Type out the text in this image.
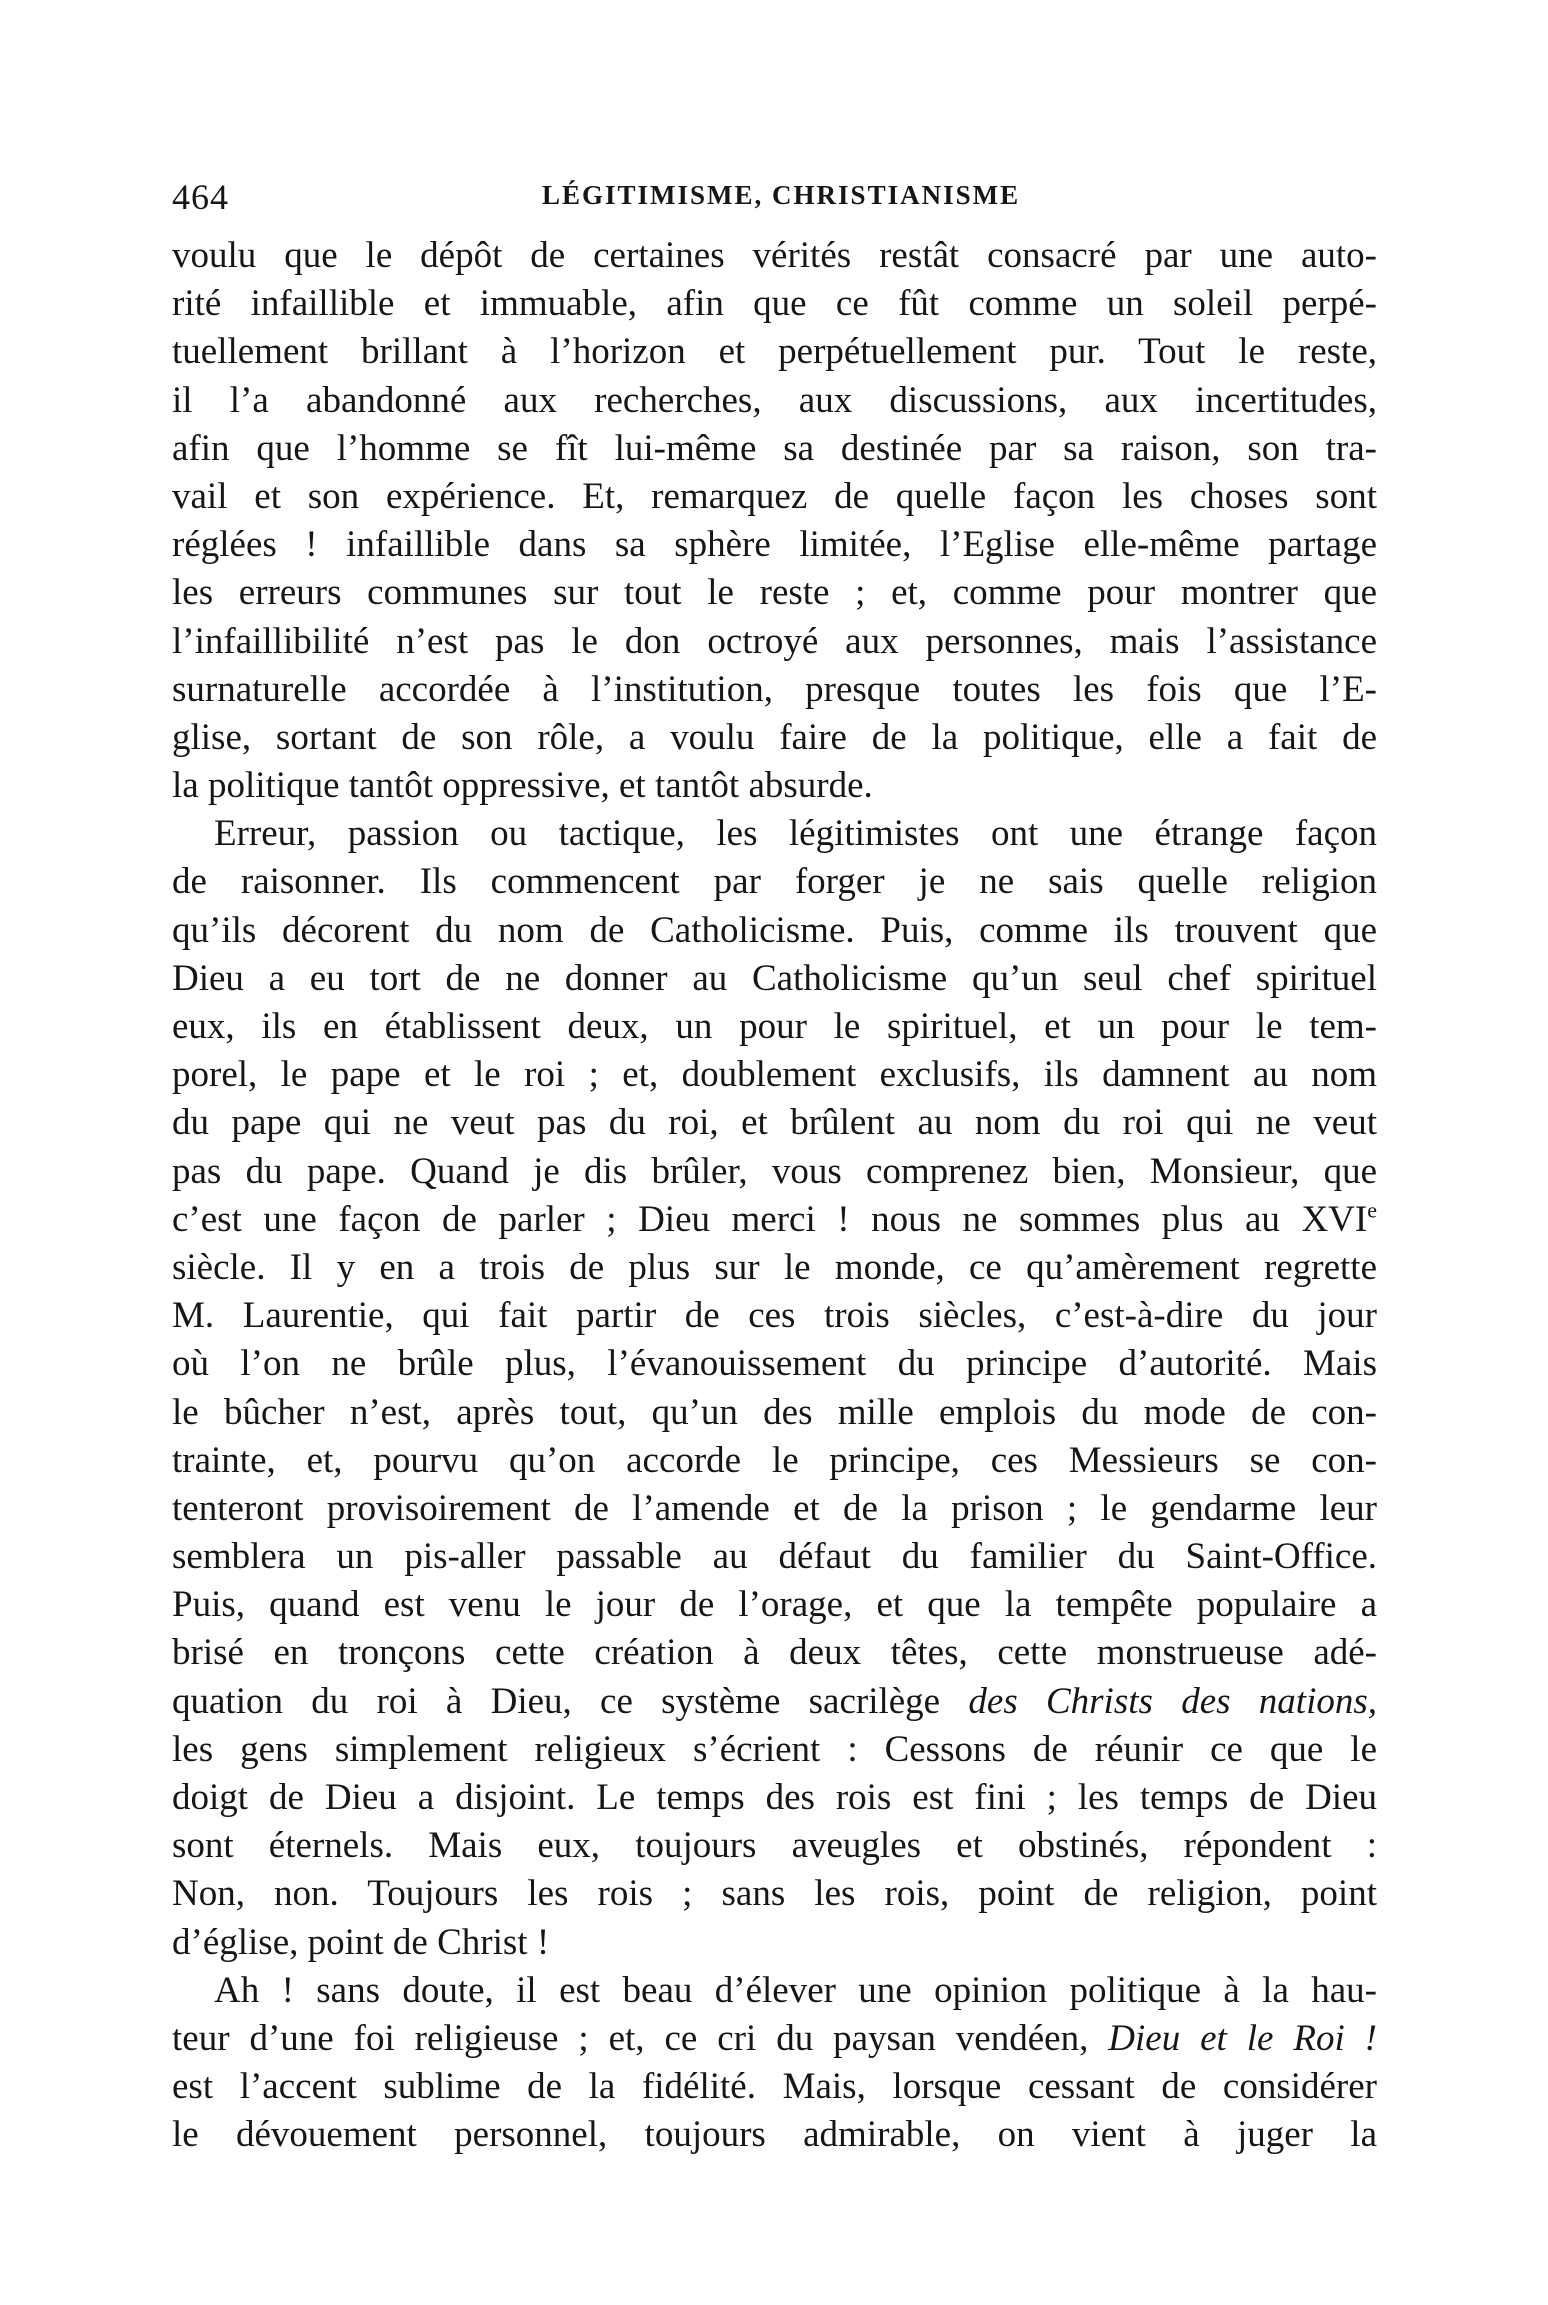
464	LÉGITIMISME, CHRISTIANISME
voulu que le dépôt de certaines vérités restât consacré par une auto-
rité infaillible et immuable, afin que ce fût comme un soleil perpé-
tuellement brillant à l’horizon et perpétuellement pur. Tout le reste,
il l’a abandonné aux recherches, aux discussions, aux incertitudes,
afin que l’homme se fît lui-même sa destinée par sa raison, son tra-
vail et son expérience. Et, remarquez de quelle façon les choses sont
réglées ! infaillible dans sa sphère limitée, l’Eglise elle-même partage
les erreurs communes sur tout le reste ; et, comme pour montrer que
l’infaillibilité n’est pas le don octroyé aux personnes, mais l’assistance
surnaturelle accordée à l’institution, presque toutes les fois que l’E-
glise, sortant de son rôle, a voulu faire de la politique, elle a fait de
la politique tantôt oppressive, et tantôt absurde.
Erreur, passion ou tactique, les légitimistes ont une étrange façon
de raisonner. Ils commencent par forger je ne sais quelle religion
qu’ils décorent du nom de Catholicisme. Puis, comme ils trouvent que
Dieu a eu tort de ne donner au Catholicisme qu’un seul chef spirituel
eux, ils en établissent deux, un pour le spirituel, et un pour le tem-
porel, le pape et le roi ; et, doublement exclusifs, ils damnent au nom
du pape qui ne veut pas du roi, et brûlent au nom du roi qui ne veut
pas du pape. Quand je dis brûler, vous comprenez bien, Monsieur, que
c’est une façon de parler ; Dieu merci ! nous ne sommes plus au XVIe
siècle. Il y en a trois de plus sur le monde, ce qu’amèrement regrette
M. Laurentie, qui fait partir de ces trois siècles, c’est-à-dire du jour
où l’on ne brûle plus, l’évanouissement du principe d’autorité. Mais
le bûcher n’est, après tout, qu’un des mille emplois du mode de con-
trainte, et, pourvu qu’on accorde le principe, ces Messieurs se con-
tenteront provisoirement de l’amende et de la prison ; le gendarme leur
semblera un pis-aller passable au défaut du familier du Saint-Office.
Puis, quand est venu le jour de l’orage, et que la tempête populaire a
brisé en tronçons cette création à deux têtes, cette monstrueuse adé-
quation du roi à Dieu, ce système sacrilège des Christs des nations,
les gens simplement religieux s’écrient : Cessons de réunir ce que le
doigt de Dieu a disjoint. Le temps des rois est fini ; les temps de Dieu
sont éternels. Mais eux, toujours aveugles et obstinés, répondent :
Non, non. Toujours les rois ; sans les rois, point de religion, point
d’église, point de Christ !
Ah ! sans doute, il est beau d’élever une opinion politique à la hau-
teur d’une foi religieuse ; et, ce cri du paysan vendéen, Dieu et le Roi !
est l’accent sublime de la fidélité. Mais, lorsque cessant de considérer
le dévouement personnel, toujours admirable, on vient à juger la
